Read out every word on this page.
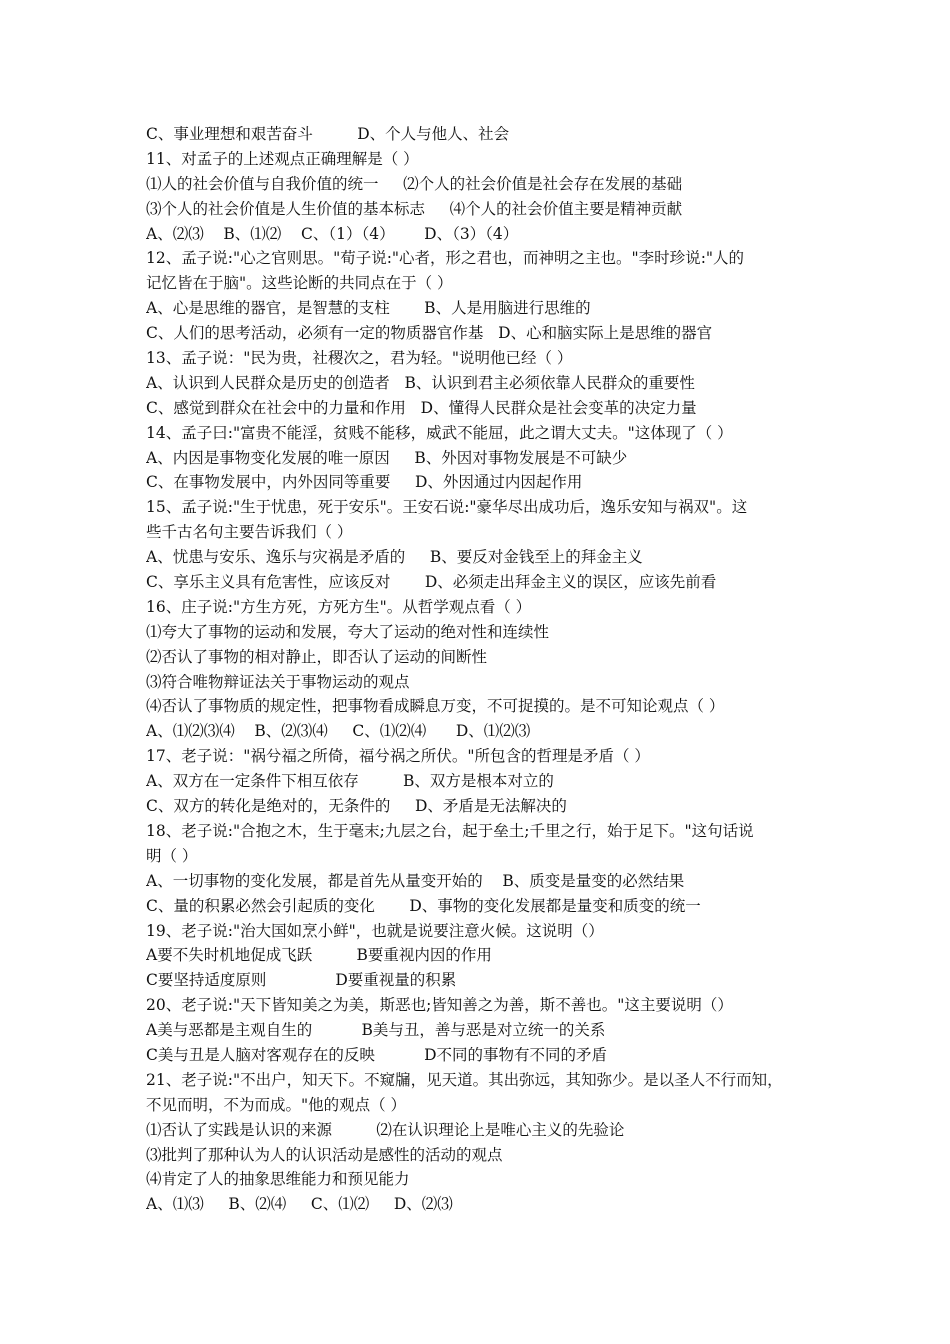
C、事业理想和艰苦奋斗         D、个人与他人、社会
11、对孟子的上述观点正确理解是（ ）
⑴人的社会价值与自我价值的统一     ⑵个人的社会价值是社会存在发展的基础
⑶个人的社会价值是人生价值的基本标志     ⑷个人的社会价值主要是精神贡献
A、⑵⑶    B、⑴⑵    C、（1）（4）      D、（3）（4）
12、孟子说:"心之官则思。"荀子说:"心者，形之君也，而神明之主也。"李时珍说:"人的
记忆皆在于脑"。这些论断的共同点在于（ ）
A、心是思维的器官，是智慧的支柱       B、人是用脑进行思维的
C、人们的思考活动，必须有一定的物质器官作基   D、心和脑实际上是思维的器官
13、孟子说："民为贵，社稷次之，君为轻。"说明他已经（ ）
A、认识到人民群众是历史的创造者   B、认识到君主必须依靠人民群众的重要性
C、感觉到群众在社会中的力量和作用   D、懂得人民群众是社会变革的决定力量
14、孟子曰:"富贵不能淫，贫贱不能移，威武不能屈，此之谓大丈夫。"这体现了（ ）
A、内因是事物变化发展的唯一原因     B、外因对事物发展是不可缺少
C、在事物发展中，内外因同等重要     D、外因通过内因起作用
15、孟子说:"生于忧患，死于安乐"。王安石说:"豪华尽出成功后，逸乐安知与祸双"。这
些千古名句主要告诉我们（ ）
A、忧患与安乐、逸乐与灾祸是矛盾的     B、要反对金钱至上的拜金主义
C、享乐主义具有危害性，应该反对       D、必须走出拜金主义的误区，应该先前看
16、庄子说:"方生方死，方死方生"。从哲学观点看（ ）
⑴夸大了事物的运动和发展，夸大了运动的绝对性和连续性
⑵否认了事物的相对静止，即否认了运动的间断性
⑶符合唯物辩证法关于事物运动的观点
⑷否认了事物质的规定性，把事物看成瞬息万变，不可捉摸的。是不可知论观点（ ）
A、⑴⑵⑶⑷    B、⑵⑶⑷     C、⑴⑵⑷      D、⑴⑵⑶
17、老子说："祸兮福之所倚，福兮祸之所伏。"所包含的哲理是矛盾（ ）
A、双方在一定条件下相互依存         B、双方是根本对立的
C、双方的转化是绝对的，无条件的     D、矛盾是无法解决的
18、老子说:"合抱之木，生于毫末;九层之台，起于垒土;千里之行，始于足下。"这句话说
明（ ）
A、一切事物的变化发展，都是首先从量变开始的    B、质变是量变的必然结果
C、量的积累必然会引起质的变化       D、事物的变化发展都是量变和质变的统一
19、老子说:"治大国如烹小鲜"，也就是说要注意火候。这说明（）
A要不失时机地促成飞跃         B要重视内因的作用
C要坚持适度原则              D要重视量的积累
20、老子说:"天下皆知美之为美，斯恶也;皆知善之为善，斯不善也。"这主要说明（）
A美与恶都是主观自生的          B美与丑，善与恶是对立统一的关系
C美与丑是人脑对客观存在的反映          D不同的事物有不同的矛盾
21、老子说:"不出户，知天下。不窥牖，见天道。其出弥远，其知弥少。是以圣人不行而知，
不见而明，不为而成。"他的观点（ ）
⑴否认了实践是认识的来源         ⑵在认识理论上是唯心主义的先验论
⑶批判了那种认为人的认识活动是感性的活动的观点
⑷肯定了人的抽象思维能力和预见能力
A、⑴⑶     B、⑵⑷     C、⑴⑵     D、⑵⑶
